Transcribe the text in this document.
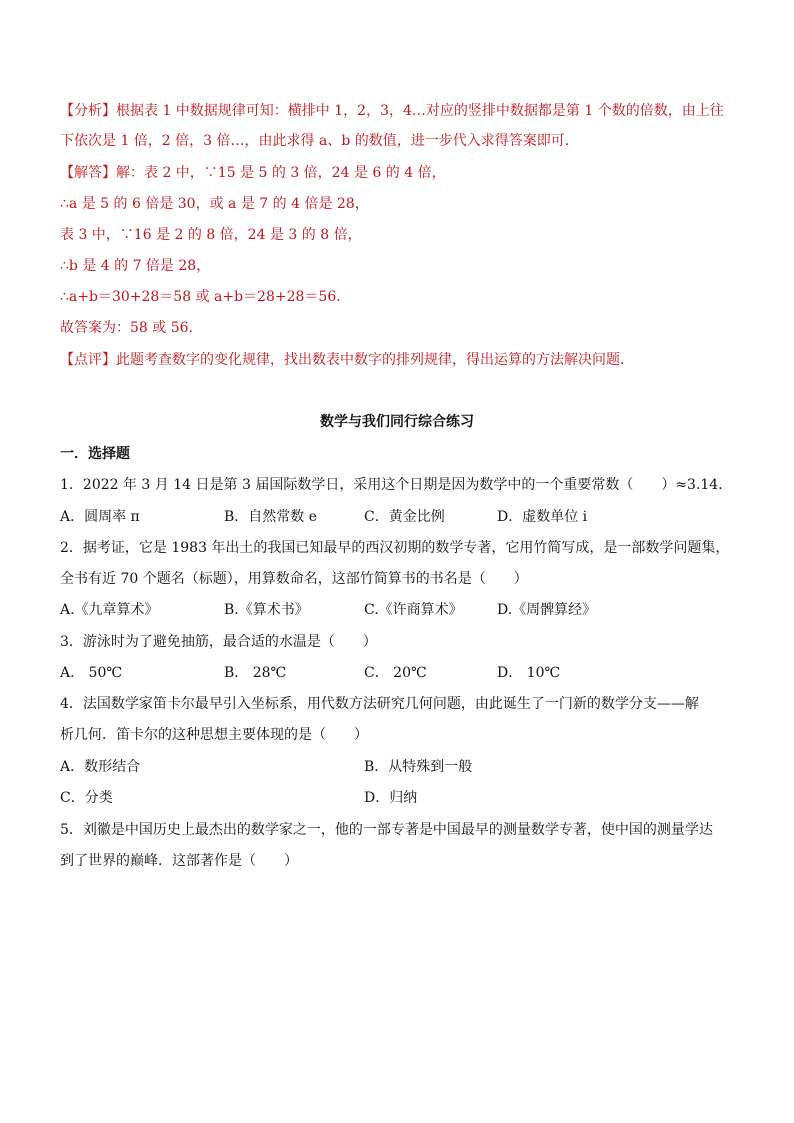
【分析】根据表 1 中数据规律可知：横排中 1，2，3，4…对应的竖排中数据都是第 1 个数的倍数，由上往
下依次是 1 倍，2 倍，3 倍…，由此求得 a、b 的数值，进一步代入求得答案即可．
【解答】解：表 2 中，∵15 是 5 的 3 倍，24 是 6 的 4 倍，
∴a 是 5 的 6 倍是 30，或 a 是 7 的 4 倍是 28，
表 3 中，∵16 是 2 的 8 倍，24 是 3 的 8 倍，
∴b 是 4 的 7 倍是 28，
∴a+b＝30+28＝58 或 a+b＝28+28＝56．
故答案为：58 或 56．
【点评】此题考查数字的变化规律，找出数表中数字的排列规律，得出运算的方法解决问题．
数学与我们同行综合练习
一．选择题
1．2022 年 3 月 14 日是第 3 届国际数学日，采用这个日期是因为数学中的一个重要常数（　　）≈3.14．
A．圆周率 π	B．自然常数 e	C．黄金比例	D．虚数单位 i
2．据考证，它是 1983 年出土的我国已知最早的西汉初期的数学专著，它用竹简写成，是一部数学问题集，
全书有近 70 个题名（标题），用算数命名，这部竹简算书的书名是（　　）
A.《九章算术》	B.《算术书》	C.《许商算术》 D.《周髀算经》
3．游泳时为了避免抽筋，最合适的水温是（　　）
A． 50℃	B． 28℃	C． 20℃	D． 10℃
4．法国数学家笛卡尔最早引入坐标系，用代数方法研究几何问题，由此诞生了一门新的数学分支——解
析几何．笛卡尔的这种思想主要体现的是（　　）
A．数形结合	B．从特殊到一般
C．分类	D．归纳
5．刘徽是中国历史上最杰出的数学家之一，他的一部专著是中国最早的测量数学专著，使中国的测量学达
到了世界的巅峰．这部著作是（　　）
